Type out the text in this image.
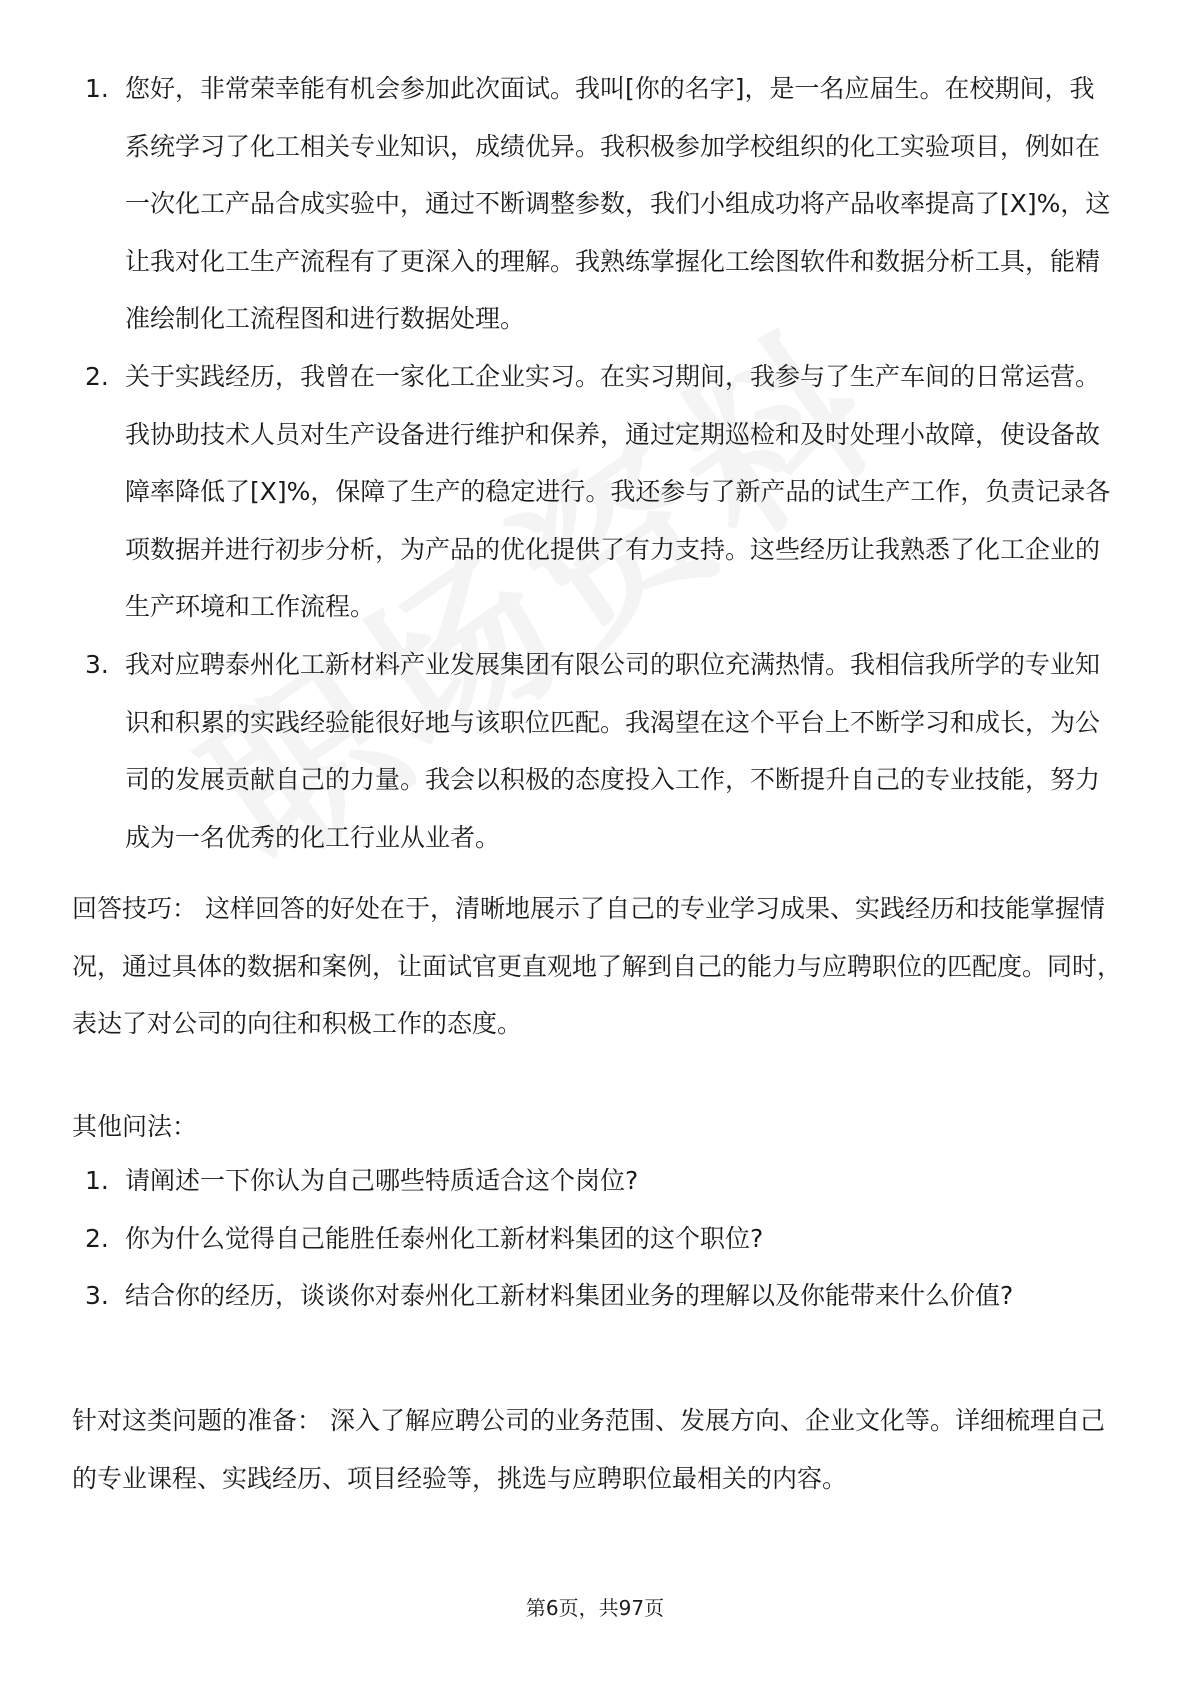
1. 您好，非常荣幸能有机会参加此次面试。我叫[你的名字]，是一名应届生。在校期间，我系统学习了化工相关专业知识，成绩优异。我积极参加学校组织的化工实验项目，例如在一次化工产品合成实验中，通过不断调整参数，我们小组成功将产品收率提高了[X]%，这让我对化工生产流程有了更深入的理解。我熟练掌握化工绘图软件和数据分析工具，能精准绘制化工流程图和进行数据处理。
2. 关于实践经历，我曾在一家化工企业实习。在实习期间，我参与了生产车间的日常运营。我协助技术人员对生产设备进行维护和保养，通过定期巡检和及时处理小故障，使设备故障率降低了[X]%，保障了生产的稳定进行。我还参与了新产品的试生产工作，负责记录各项数据并进行初步分析，为产品的优化提供了有力支持。这些经历让我熟悉了化工企业的生产环境和工作流程。
3. 我对应聘泰州化工新材料产业发展集团有限公司的职位充满热情。我相信我所学的专业知识和积累的实践经验能很好地与该职位匹配。我渴望在这个平台上不断学习和成长，为公司的发展贡献自己的力量。我会以积极的态度投入工作，不断提升自己的专业技能，努力成为一名优秀的化工行业从业者。

回答技巧： 这样回答的好处在于，清晰地展示了自己的专业学习成果、实践经历和技能掌握情况，通过具体的数据和案例，让面试官更直观地了解到自己的能力与应聘职位的匹配度。同时，表达了对公司的向往和积极工作的态度。

其他问法：

1. 请阐述一下你认为自己哪些特质适合这个岗位?
2. 你为什么觉得自己能胜任泰州化工新材料集团的这个职位?
3. 结合你的经历，谈谈你对泰州化工新材料集团业务的理解以及你能带来什么价值?

针对这类问题的准备： 深入了解应聘公司的业务范围、发展方向、企业文化等。详细梳理自己的专业课程、实践经历、项目经验等，挑选与应聘职位最相关的内容。

第6页，共97页
